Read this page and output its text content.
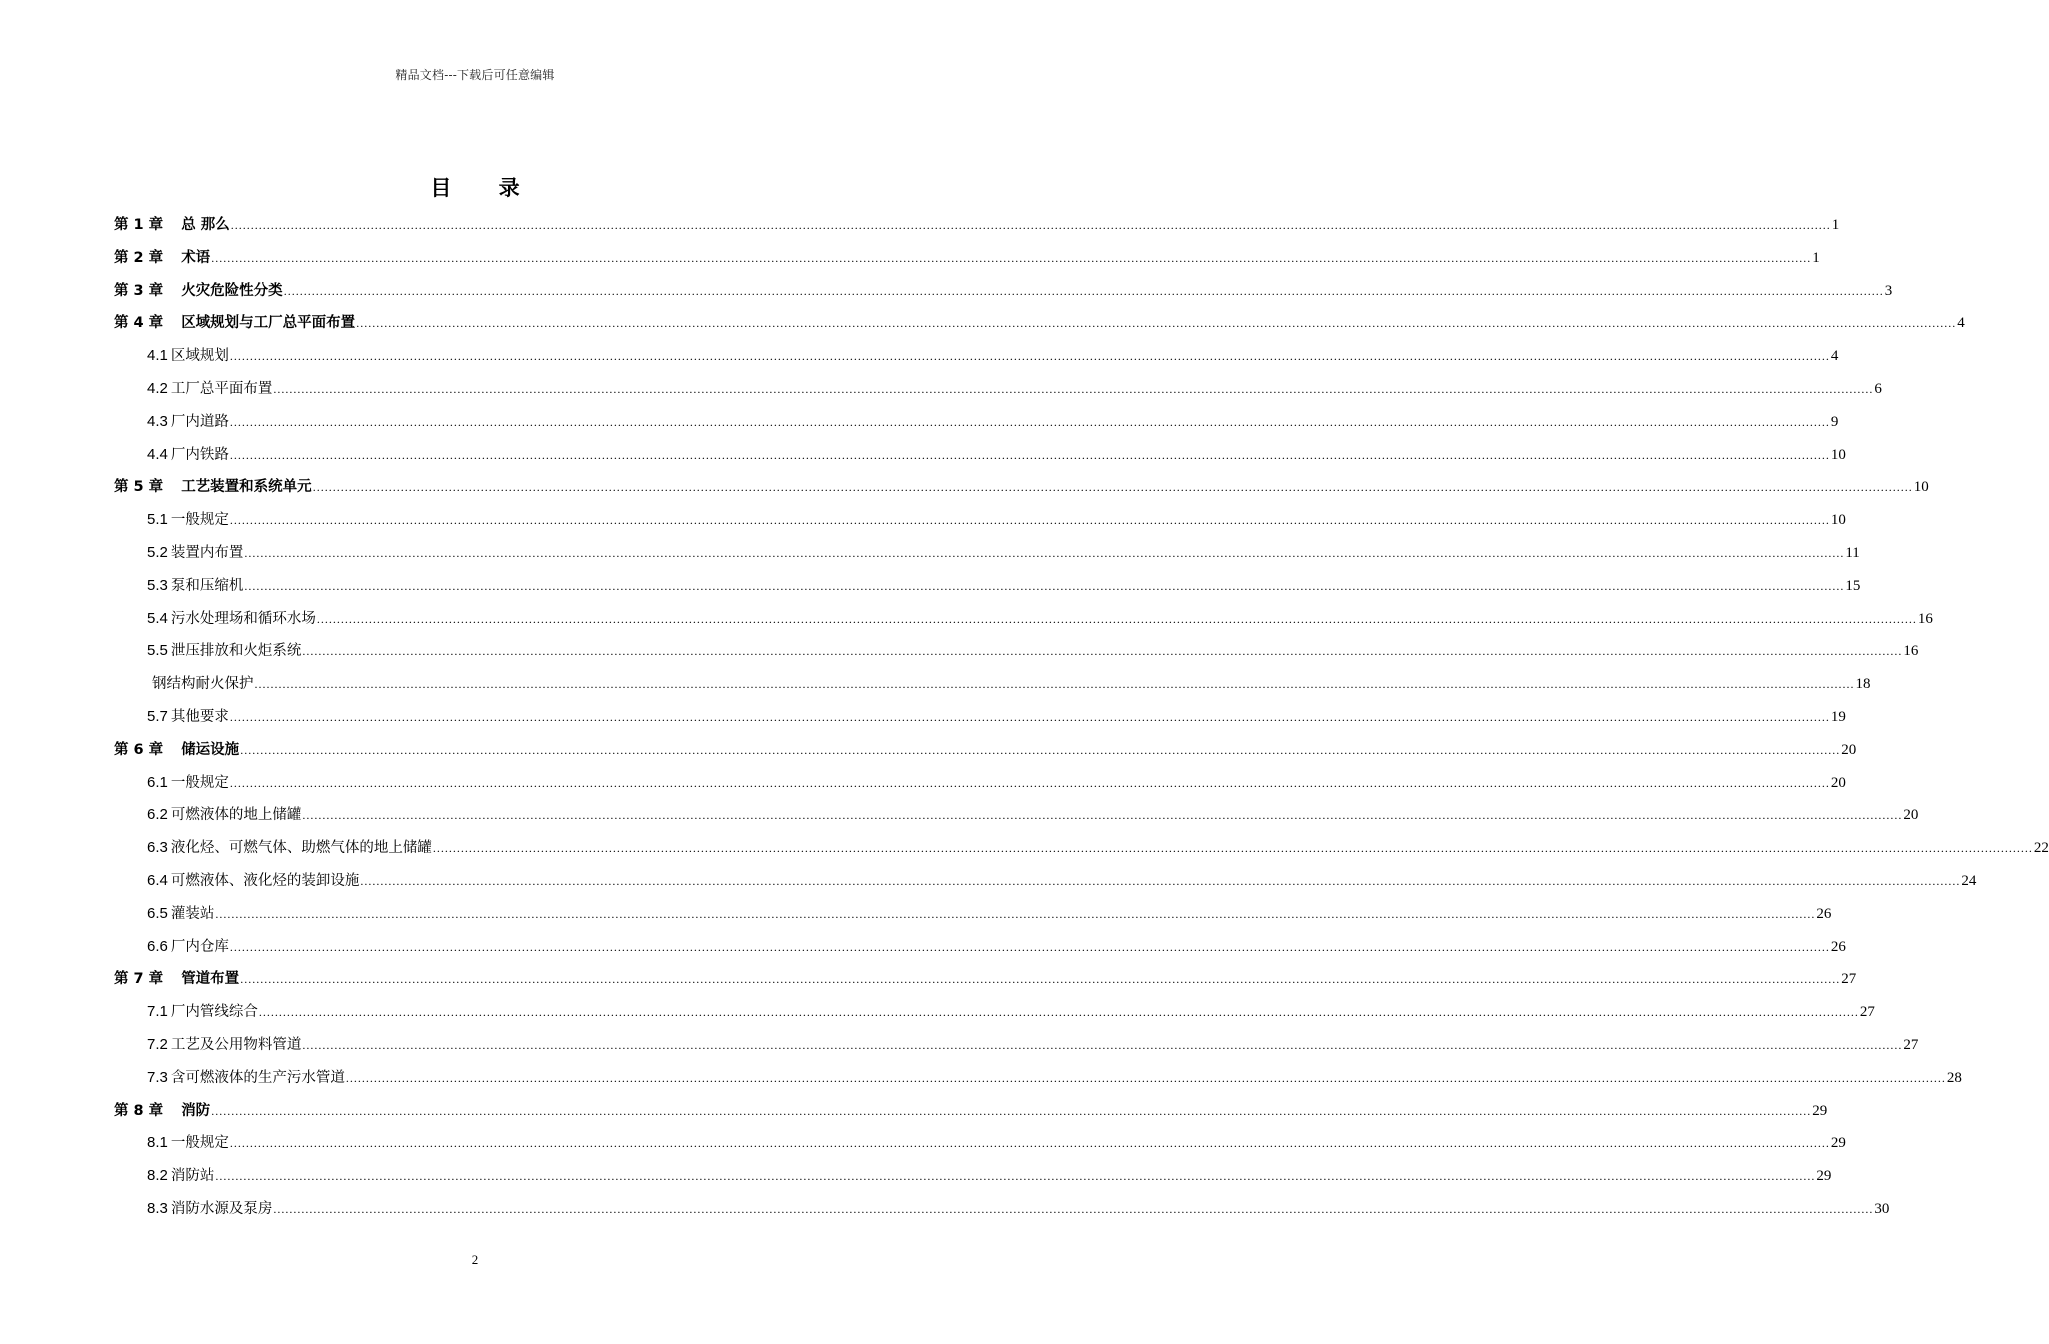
精品文档---下载后可任意编辑
目 录
第 1 章 总 那么 ................................................................................................................................................................................................................................................................................................................................................................................................................ 1
第 2 章 术语 ................................................................................................................................................................................................................................................................................................................................................................................................................ 1
第 3 章 火灾危险性分类 ................................................................................................................................................................................................................................................................................................................................................................................................................ 3
第 4 章 区域规划与工厂总平面布置 ................................................................................................................................................................................................................................................................................................................................................................................................................ 4
4.1 区域规划 ................................................................................................................................................................................................................................................................................................................................................................................................................ 4
4.2 工厂总平面布置 ................................................................................................................................................................................................................................................................................................................................................................................................................ 6
4.3 厂内道路 ................................................................................................................................................................................................................................................................................................................................................................................................................ 9
4.4 厂内铁路 ................................................................................................................................................................................................................................................................................................................................................................................................................ 10
第 5 章 工艺装置和系统单元 ................................................................................................................................................................................................................................................................................................................................................................................................................ 10
5.1 一般规定 ................................................................................................................................................................................................................................................................................................................................................................................................................ 10
5.2 装置内布置 ................................................................................................................................................................................................................................................................................................................................................................................................................ 11
5.3 泵和压缩机 ................................................................................................................................................................................................................................................................................................................................................................................................................ 15
5.4 污水处理场和循环水场 ................................................................................................................................................................................................................................................................................................................................................................................................................ 16
5.5 泄压排放和火炬系统 ................................................................................................................................................................................................................................................................................................................................................................................................................ 16
钢结构耐火保护 ................................................................................................................................................................................................................................................................................................................................................................................................................ 18
5.7 其他要求 ................................................................................................................................................................................................................................................................................................................................................................................................................ 19
第 6 章 储运设施 ................................................................................................................................................................................................................................................................................................................................................................................................................ 20
6.1 一般规定 ................................................................................................................................................................................................................................................................................................................................................................................................................ 20
6.2 可燃液体的地上储罐 ................................................................................................................................................................................................................................................................................................................................................................................................................ 20
6.3 液化烃、可燃气体、助燃气体的地上储罐 ................................................................................................................................................................................................................................................................................................................................................................................................................ 22
6.4 可燃液体、液化烃的装卸设施 ................................................................................................................................................................................................................................................................................................................................................................................................................ 24
6.5 灌装站 ................................................................................................................................................................................................................................................................................................................................................................................................................ 26
6.6 厂内仓库 ................................................................................................................................................................................................................................................................................................................................................................................................................ 26
第 7 章 管道布置 ................................................................................................................................................................................................................................................................................................................................................................................................................ 27
7.1 厂内管线综合 ................................................................................................................................................................................................................................................................................................................................................................................................................ 27
7.2 工艺及公用物料管道 ................................................................................................................................................................................................................................................................................................................................................................................................................ 27
7.3 含可燃液体的生产污水管道 ................................................................................................................................................................................................................................................................................................................................................................................................................ 28
第 8 章 消防 ................................................................................................................................................................................................................................................................................................................................................................................................................ 29
8.1 一般规定 ................................................................................................................................................................................................................................................................................................................................................................................................................ 29
8.2 消防站 ................................................................................................................................................................................................................................................................................................................................................................................................................ 29
8.3 消防水源及泵房 ................................................................................................................................................................................................................................................................................................................................................................................................................ 30
2
